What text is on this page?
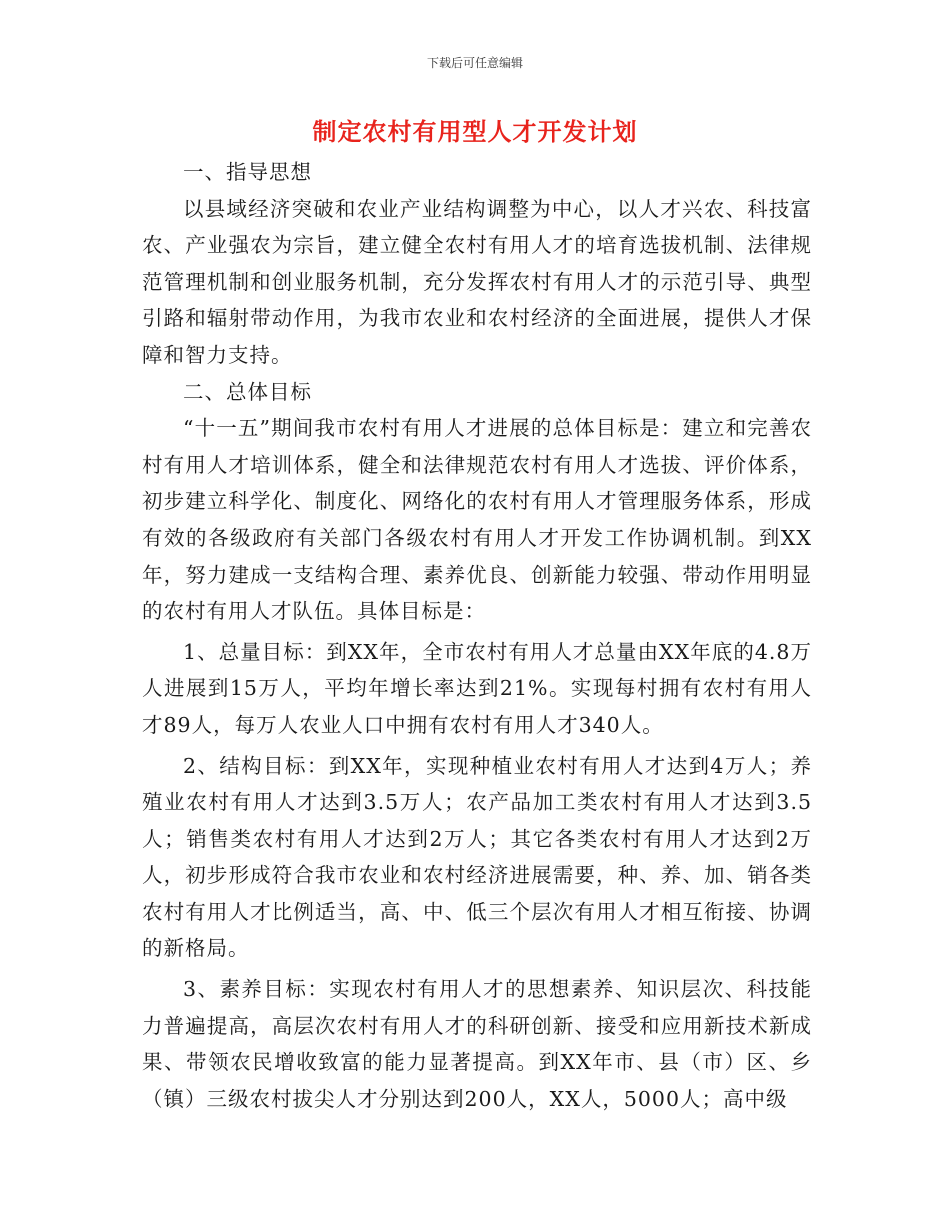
下载后可任意编辑
制定农村有用型人才开发计划

一、指导思想

以县域经济突破和农业产业结构调整为中心，以人才兴农、科技富农、产业强农为宗旨，建立健全农村有用人才的培育选拔机制、法律规范管理机制和创业服务机制，充分发挥农村有用人才的示范引导、典型引路和辐射带动作用，为我市农业和农村经济的全面进展，提供人才保障和智力支持。

二、总体目标

“十一五”期间我市农村有用人才进展的总体目标是：建立和完善农村有用人才培训体系，健全和法律规范农村有用人才选拔、评价体系，初步建立科学化、制度化、网络化的农村有用人才管理服务体系，形成有效的各级政府有关部门各级农村有用人才开发工作协调机制。到XX年，努力建成一支结构合理、素养优良、创新能力较强、带动作用明显的农村有用人才队伍。具体目标是：

1、总量目标：到XX年，全市农村有用人才总量由XX年底的4.8万人进展到15万人，平均年增长率达到21%。实现每村拥有农村有用人才89人，每万人农业人口中拥有农村有用人才340人。

2、结构目标：到XX年，实现种植业农村有用人才达到4万人；养殖业农村有用人才达到3.5万人；农产品加工类农村有用人才达到3.5人；销售类农村有用人才达到2万人；其它各类农村有用人才达到2万人，初步形成符合我市农业和农村经济进展需要，种、养、加、销各类农村有用人才比例适当，高、中、低三个层次有用人才相互衔接、协调的新格局。

3、素养目标：实现农村有用人才的思想素养、知识层次、科技能力普遍提高，高层次农村有用人才的科研创新、接受和应用新技术新成果、带领农民增收致富的能力显著提高。到XX年市、县（市）区、乡（镇）三级农村拔尖人才分别达到200人，XX人，5000人；高中级
